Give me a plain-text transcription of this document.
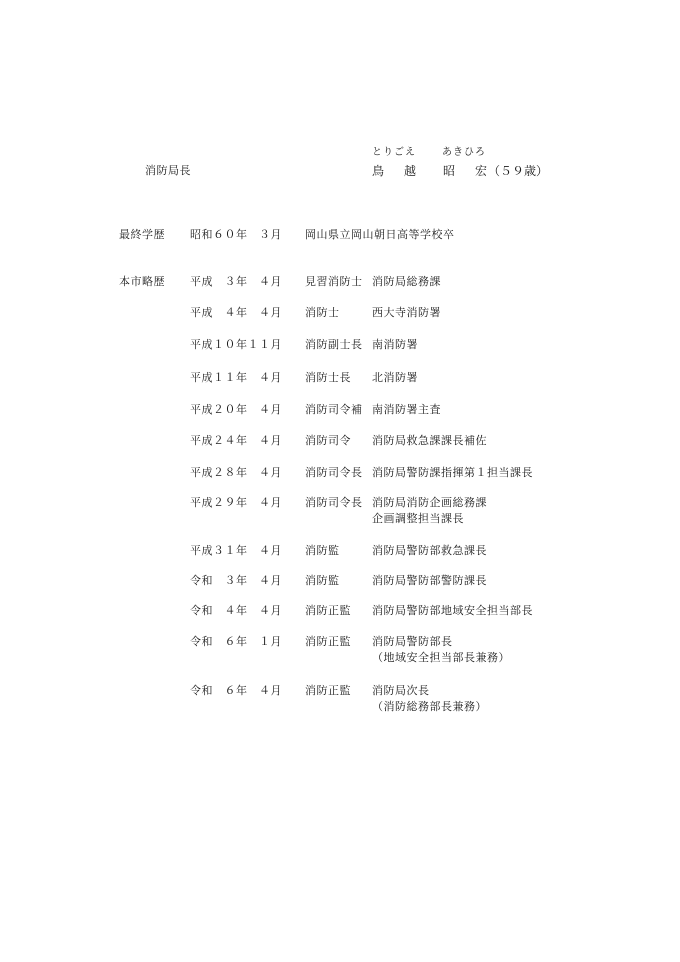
消防局長
とりごえ	あきひろ
鳥 越 昭 宏 （５９歳）
最終学歴 昭和６０年　３月 岡山県立岡山朝日高等学校卒
本市略歴 平成　３年　４月 見習消防士 消防局総務課
平成　４年　４月 消防士	西大寺消防署
平成１０年１１月 消防副士長 南消防署
平成１１年　４月 消防士長 北消防署
平成２０年　４月 消防司令補 南消防署主査
平成２４年　４月 消防司令 消防局救急課課長補佐
平成２８年　４月 消防司令長 消防局警防課指揮第１担当課長
平成２９年　４月 消防司令長 消防局消防企画総務課
企画調整担当課長
平成３１年　４月 消防監	消防局警防部救急課長
令和　３年　４月 消防監	消防局警防部警防課長
令和　４年　４月 消防正監 消防局警防部地域安全担当部長
令和　６年　１月 消防正監 消防局警防部長
（地域安全担当部長兼務）
令和　６年　４月 消防正監 消防局次長
（消防総務部長兼務）
